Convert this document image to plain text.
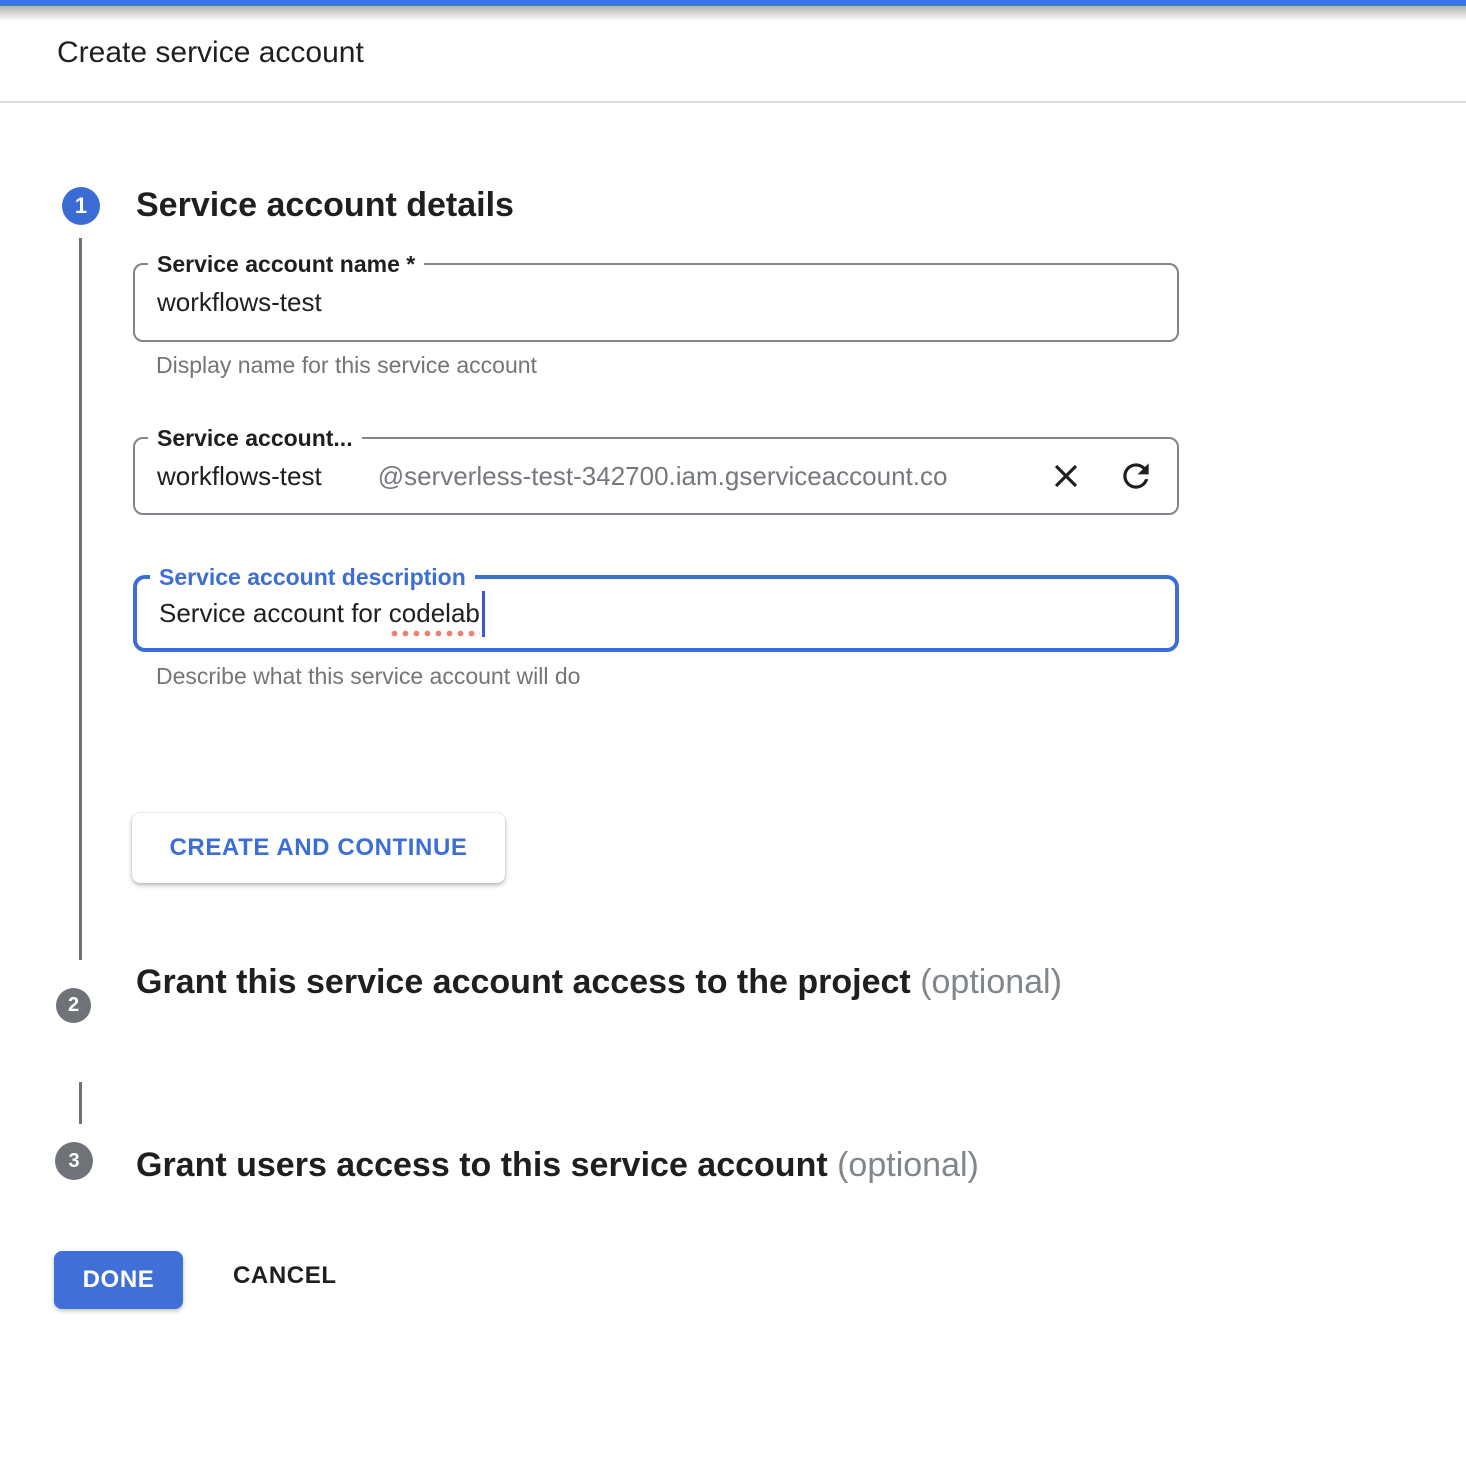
Create service account
1 Service account details
Service account name *
workflows-test
Display name for this service account
Service account...
workflows-test @serverless-test-342700.iam.gserviceaccount.co
Service account description
Service account for codelab
Describe what this service account will do
CREATE AND CONTINUE
2
Grant this service account access to the project (optional)
3 Grant users access to this service account (optional)
DONE	CANCEL
